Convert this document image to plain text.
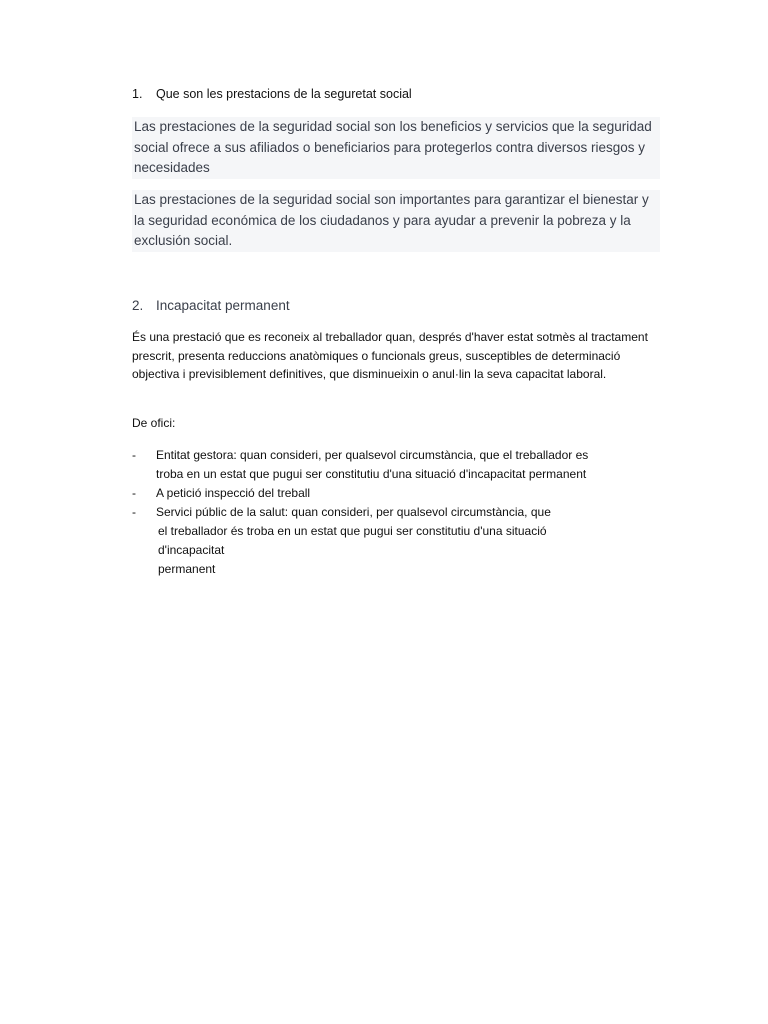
1. Que son les prestacions de la seguretat social
Las prestaciones de la seguridad social son los beneficios y servicios que la seguridad social ofrece a sus afiliados o beneficiarios para protegerlos contra diversos riesgos y necesidades
Las prestaciones de la seguridad social son importantes para garantizar el bienestar y la seguridad económica de los ciudadanos y para ayudar a prevenir la pobreza y la exclusión social.
2. Incapacitat permanent
És una prestació que es reconeix al treballador quan, després d'haver estat sotmès al tractament prescrit, presenta reduccions anatòmiques o funcionals greus, susceptibles de determinació objectiva i previsiblement definitives, que disminueixin o anul·lin la seva capacitat laboral.
De ofici:
- Entitat gestora: quan consideri, per qualsevol circumstància, que el treballador es
troba en un estat que pugui ser constitutiu d'una situació d'incapacitat permanent
- A petició inspecció del treball
- Servici públic de la salut: quan consideri, per qualsevol circumstància, que
el treballador és troba en un estat que pugui ser constitutiu d'una situació
d'incapacitat
permanent
